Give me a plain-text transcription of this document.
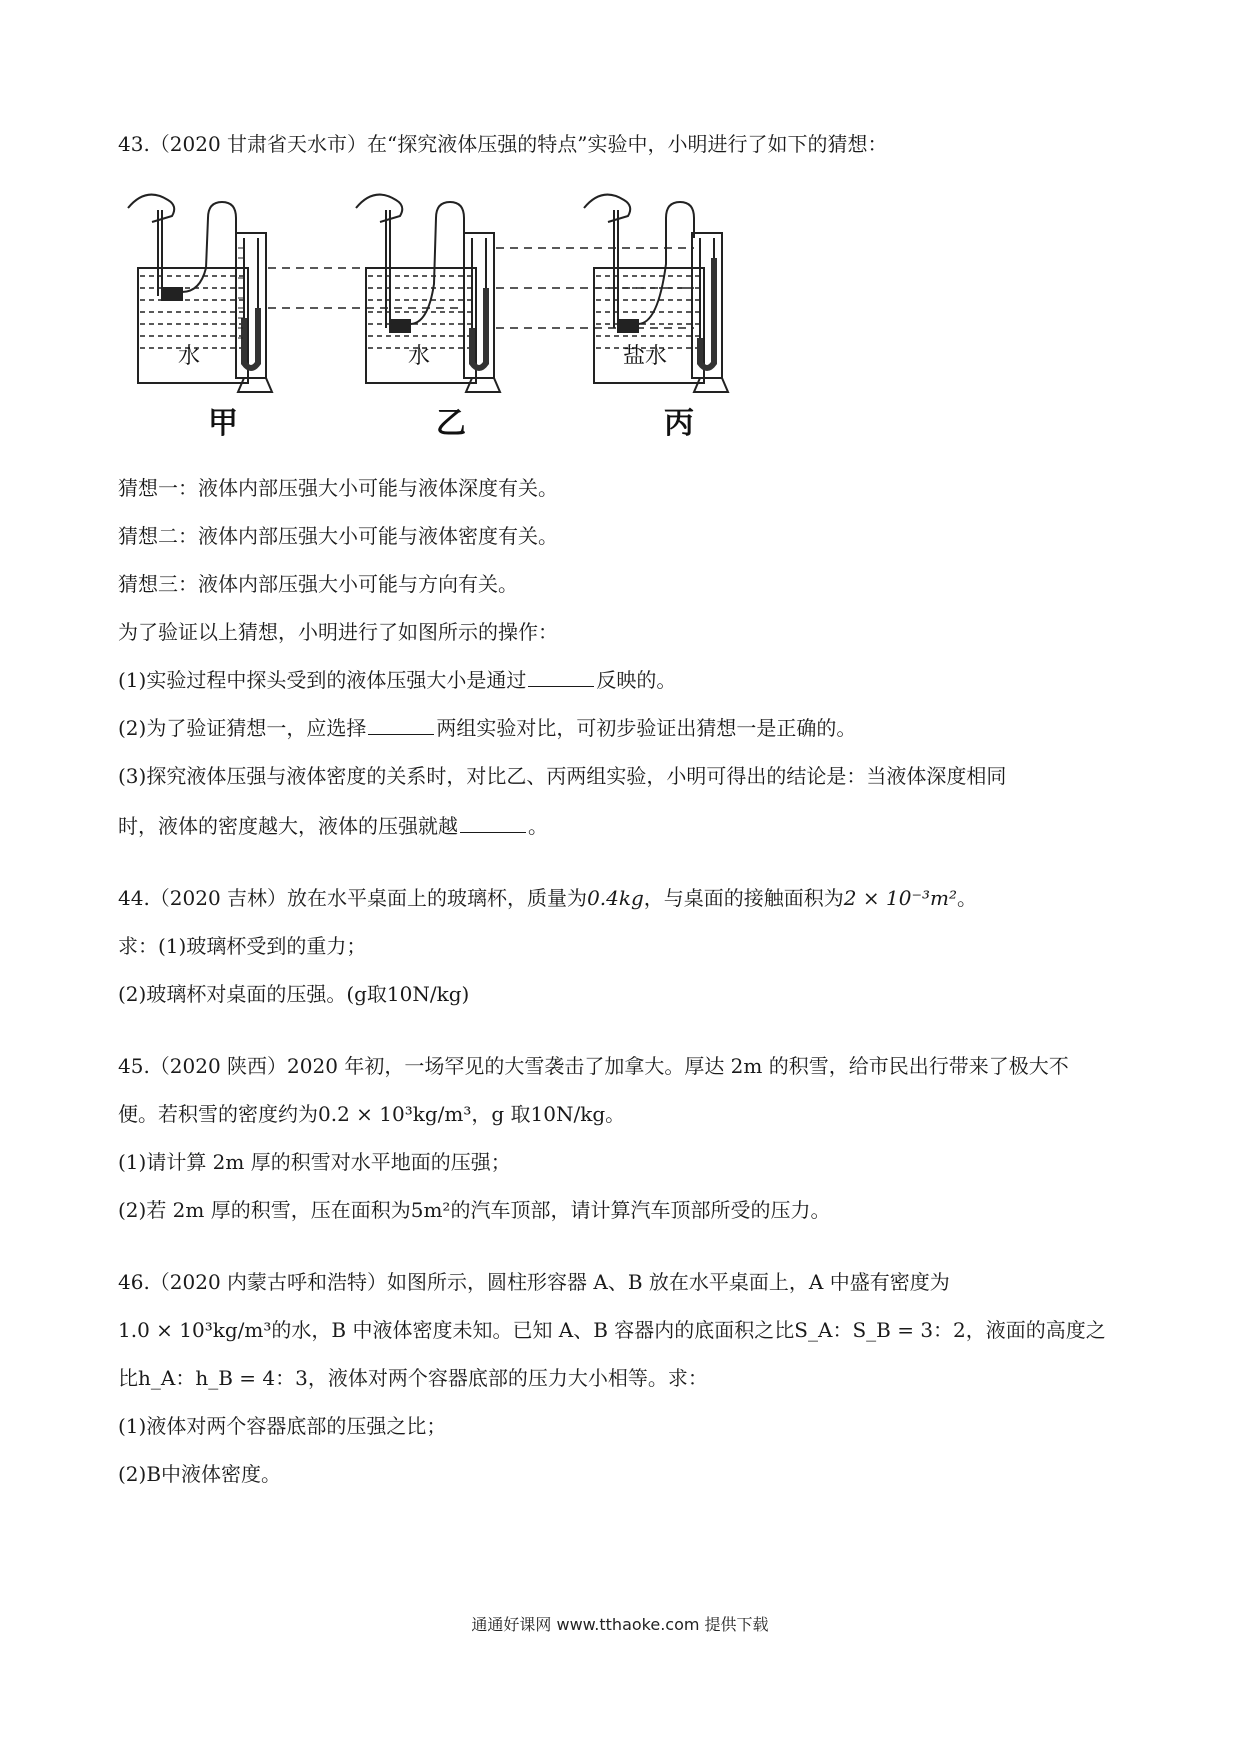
43.（2020 甘肃省天水市）在“探究液体压强的特点”实验中，小明进行了如下的猜想：
水	水	盐水
甲	乙	丙
猜想一：液体内部压强大小可能与液体深度有关。
猜想二：液体内部压强大小可能与液体密度有关。
猜想三：液体内部压强大小可能与方向有关。
为了验证以上猜想，小明进行了如图所示的操作：
(1)实验过程中探头受到的液体压强大小是通过	反映的。
(2)为了验证猜想一，应选择	两组实验对比，可初步验证出猜想一是正确的。
(3)探究液体压强与液体密度的关系时，对比乙、丙两组实验，小明可得出的结论是：当液体深度相同
时，液体的密度越大，液体的压强就越	。
44.（2020 吉林）放在水平桌面上的玻璃杯，质量为0.4kg，与桌面的接触面积为2 × 10⁻³m²。
求：(1)玻璃杯受到的重力；
(2)玻璃杯对桌面的压强。(g取10N/kg)
45.（2020 陕西）2020 年初，一场罕见的大雪袭击了加拿大。厚达 2m 的积雪，给市民出行带来了极大不
便。若积雪的密度约为0.2 × 10³kg/m³，g 取10N/kg。
(1)请计算 2m 厚的积雪对水平地面的压强；
(2)若 2m 厚的积雪，压在面积为5m²的汽车顶部，请计算汽车顶部所受的压力。
46.（2020 内蒙古呼和浩特）如图所示，圆柱形容器 A、B 放在水平桌面上，A 中盛有密度为
1.0 × 10³kg/m³的水，B 中液体密度未知。已知 A、B 容器内的底面积之比S_A：S_B = 3：2，液面的高度之
比h_A：h_B = 4：3，液体对两个容器底部的压力大小相等。求：
(1)液体对两个容器底部的压强之比；
(2)B中液体密度。
通通好课网 www.tthaoke.com 提供下载
